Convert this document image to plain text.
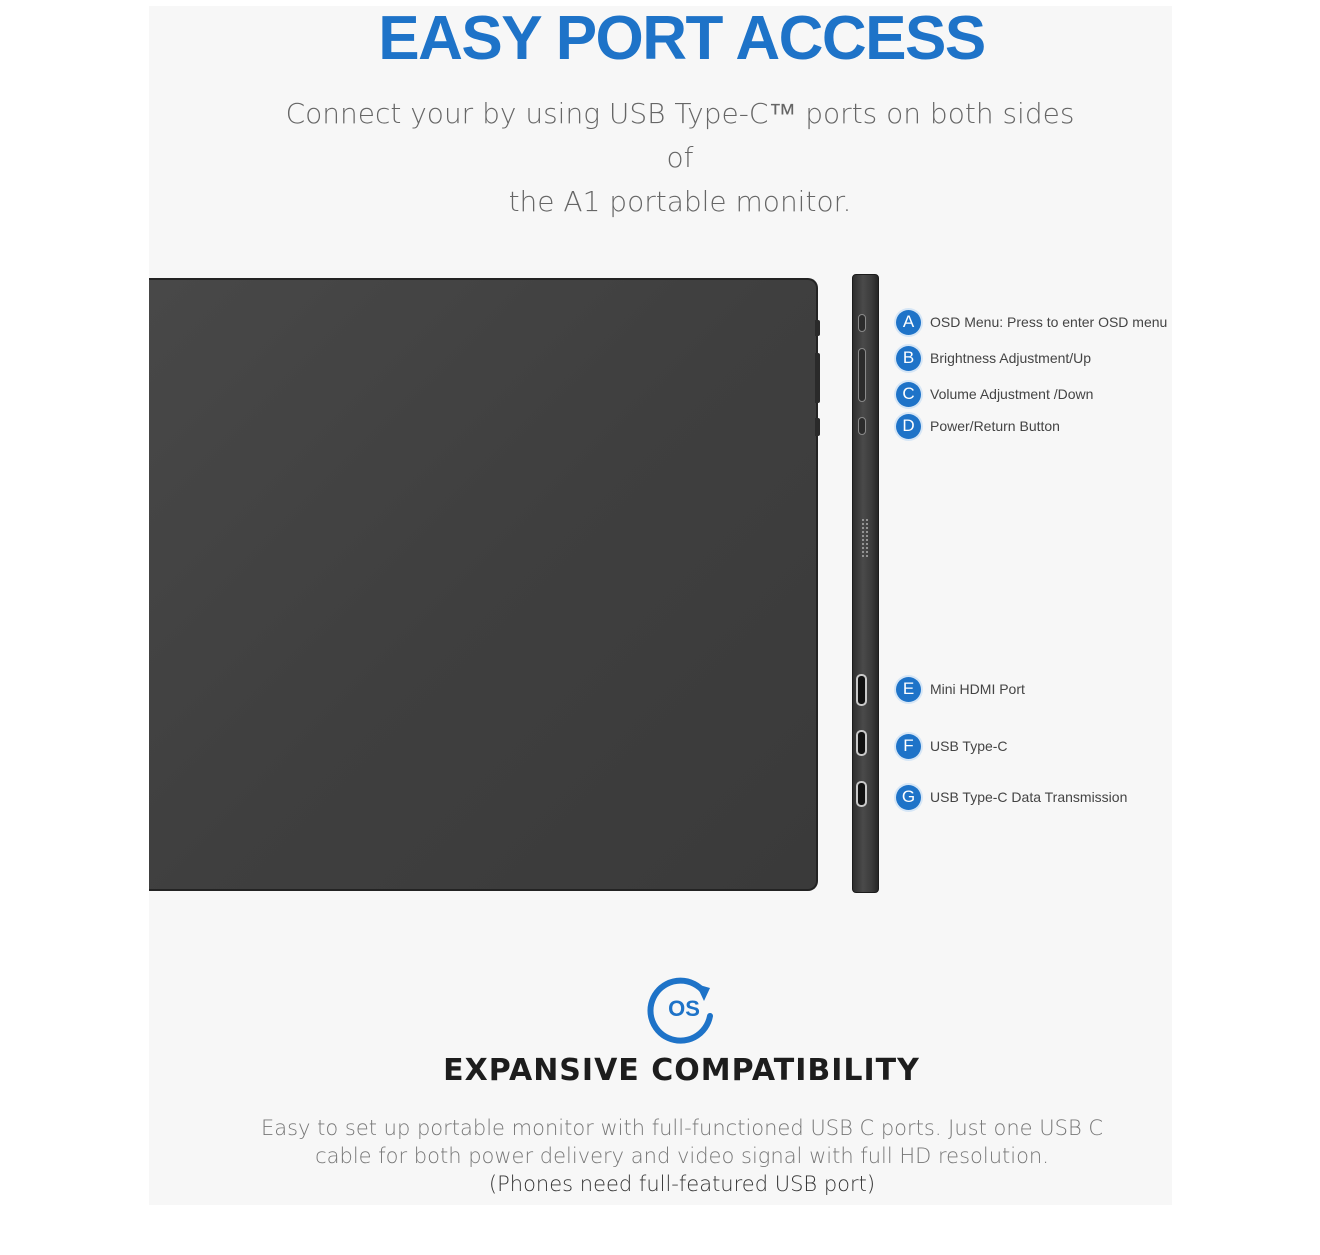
EASY PORT ACCESS
Connect your by using USB Type-C™ ports on both sides of
the A1 portable monitor.
A	OSD Menu: Press to enter OSD menu
B	Brightness Adjustment/Up
C	Volume Adjustment /Down
D	Power/Return Button
E	Mini HDMI Port
F	USB Type-C
G	USB Type-C Data Transmission
OS
EXPANSIVE COMPATIBILITY
Easy to set up portable monitor with full-functioned USB C ports. Just one USB C
cable for both power delivery and video signal with full HD resolution.
(Phones need full-featured USB port)
